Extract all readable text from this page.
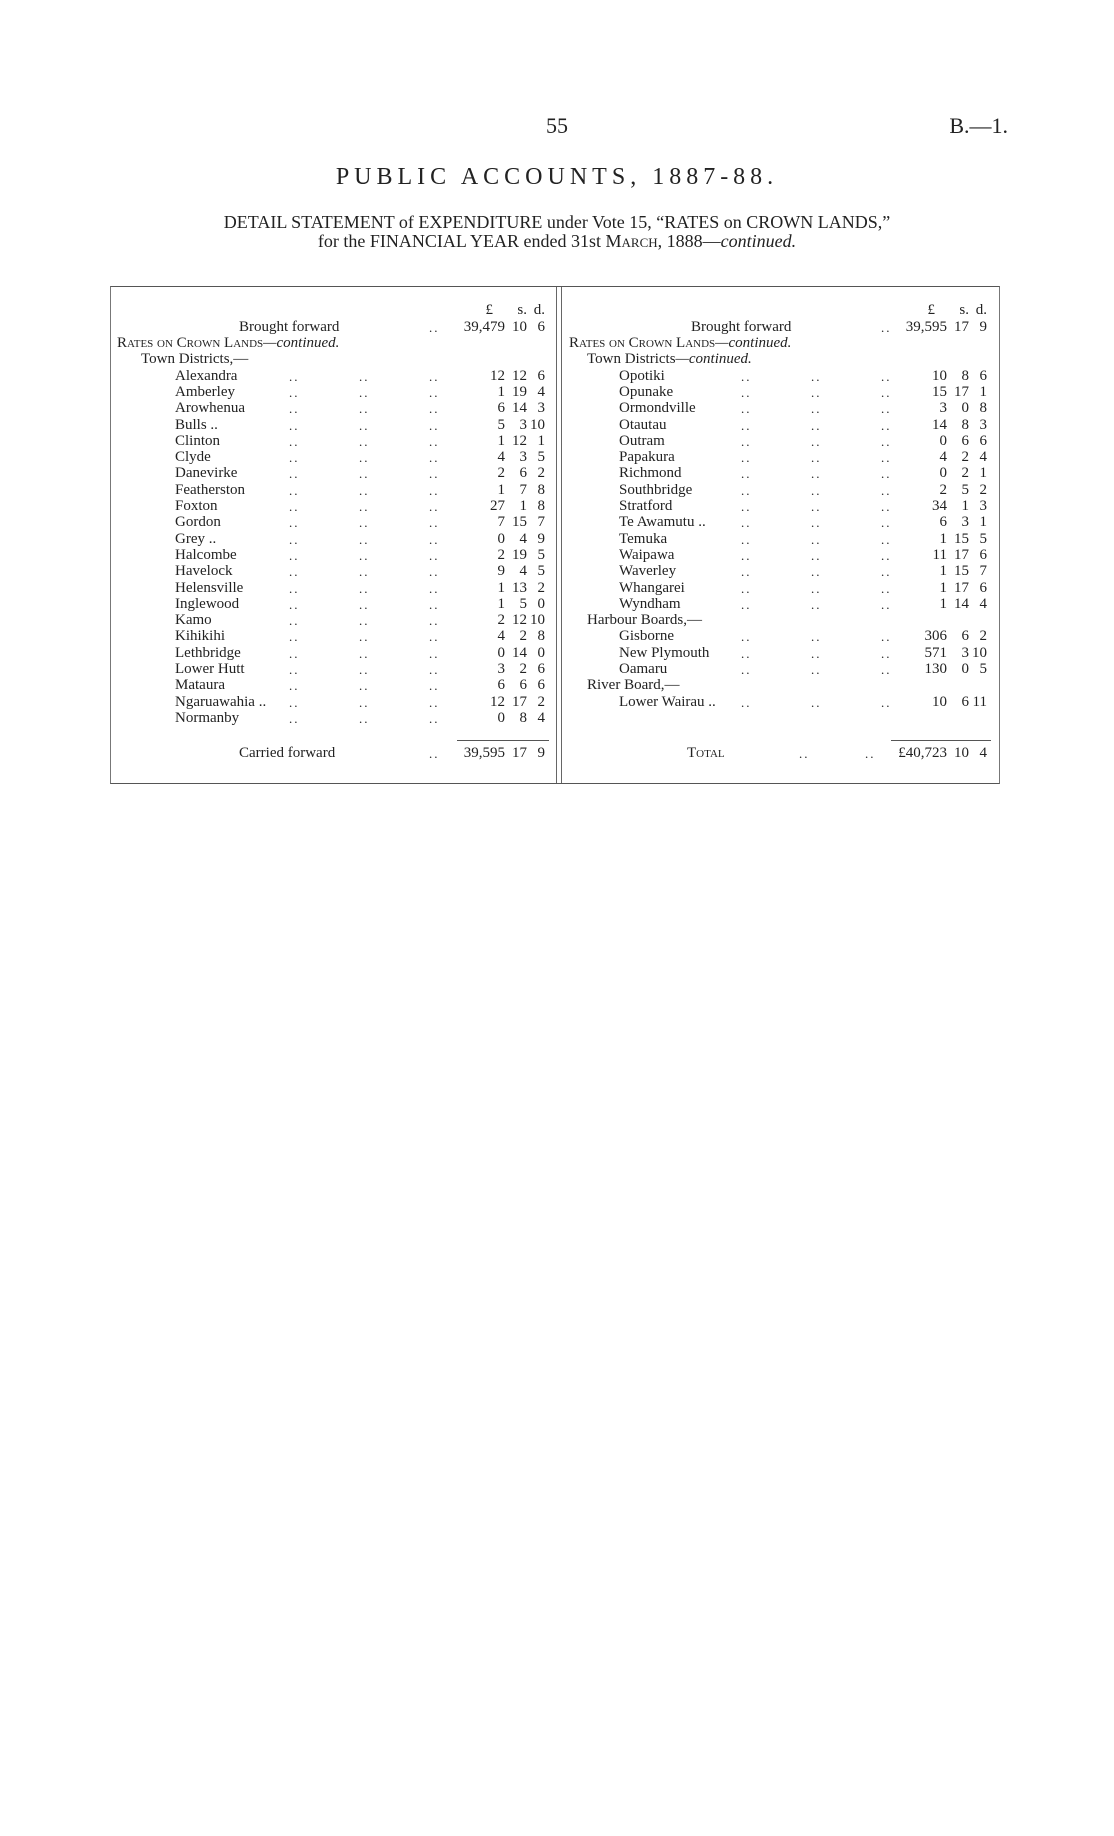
55	B.—1.
PUBLIC ACCOUNTS, 1887-88.
DETAIL STATEMENT of EXPENDITURE under Vote 15, “RATES on CROWN LANDS,”
for the FINANCIAL YEAR ended 31st March, 1888—continued.
£ s. d.
Brought forward	.. 39,479 10 6
Rates on Crown Lands—continued.
Town Districts,—
Alexandra	..	..	..	12 12 6
Amberley	..	..	..	1 19 4
Arowhenua	..	..	..	6 14 3
Bulls ..	..	..	..	5 3 10
Clinton	..	..	..	1 12 1
Clyde	..	..	..	4 3 5
Danevirke	..	..	..	2 6 2
Featherston	..	..	..	1 7 8
Foxton	..	..	..	27 1 8
Gordon	..	..	..	7 15 7
Grey ..	..	..	..	0 4 9
Halcombe	..	..	..	2 19 5
Havelock	..	..	..	9 4 5
Helensville	..	..	..	1 13 2
Inglewood	..	..	..	1 5 0
Kamo	..	..	..	2 12 10
Kihikihi	..	..	..	4 2 8
Lethbridge	..	..	..	0 14 0
Lower Hutt	..	..	..	3 2 6
Mataura	..	..	..	6 6 6
Ngaruawahia .. ..	..	..	12 17 2
Normanby	..	..	..	0 8 4
Carried forward	.. 39,595 17 9
£ s. d.
Brought forward	.. 39,595 17 9
Rates on Crown Lands—continued.
Town Districts—continued.
Opotiki	..	..	..	10 8 6
Opunake	..	..	..	15 17 1
Ormondville	..	..	..	3 0 8
Otautau	..	..	..	14 8 3
Outram	..	..	..	0 6 6
Papakura	..	..	..	4 2 4
Richmond	..	..	..	0 2 1
Southbridge	..	..	..	2 5 2
Stratford	..	..	..	34 1 3
Te Awamutu ..	..	..	..	6 3 1
Temuka	..	..	..	1 15 5
Waipawa	..	..	..	11 17 6
Waverley	..	..	..	1 15 7
Whangarei	..	..	..	1 17 6
Wyndham	..	..	..	1 14 4
Harbour Boards,—
Gisborne	..	..	.. 306 6 2
New Plymouth ..	..	.. 571 3 10
Oamaru	..	..	.. 130 0 5
River Board,—
Lower Wairau .. ..	..	..	10 6 11
Total	..	.. £40,723 10 4
